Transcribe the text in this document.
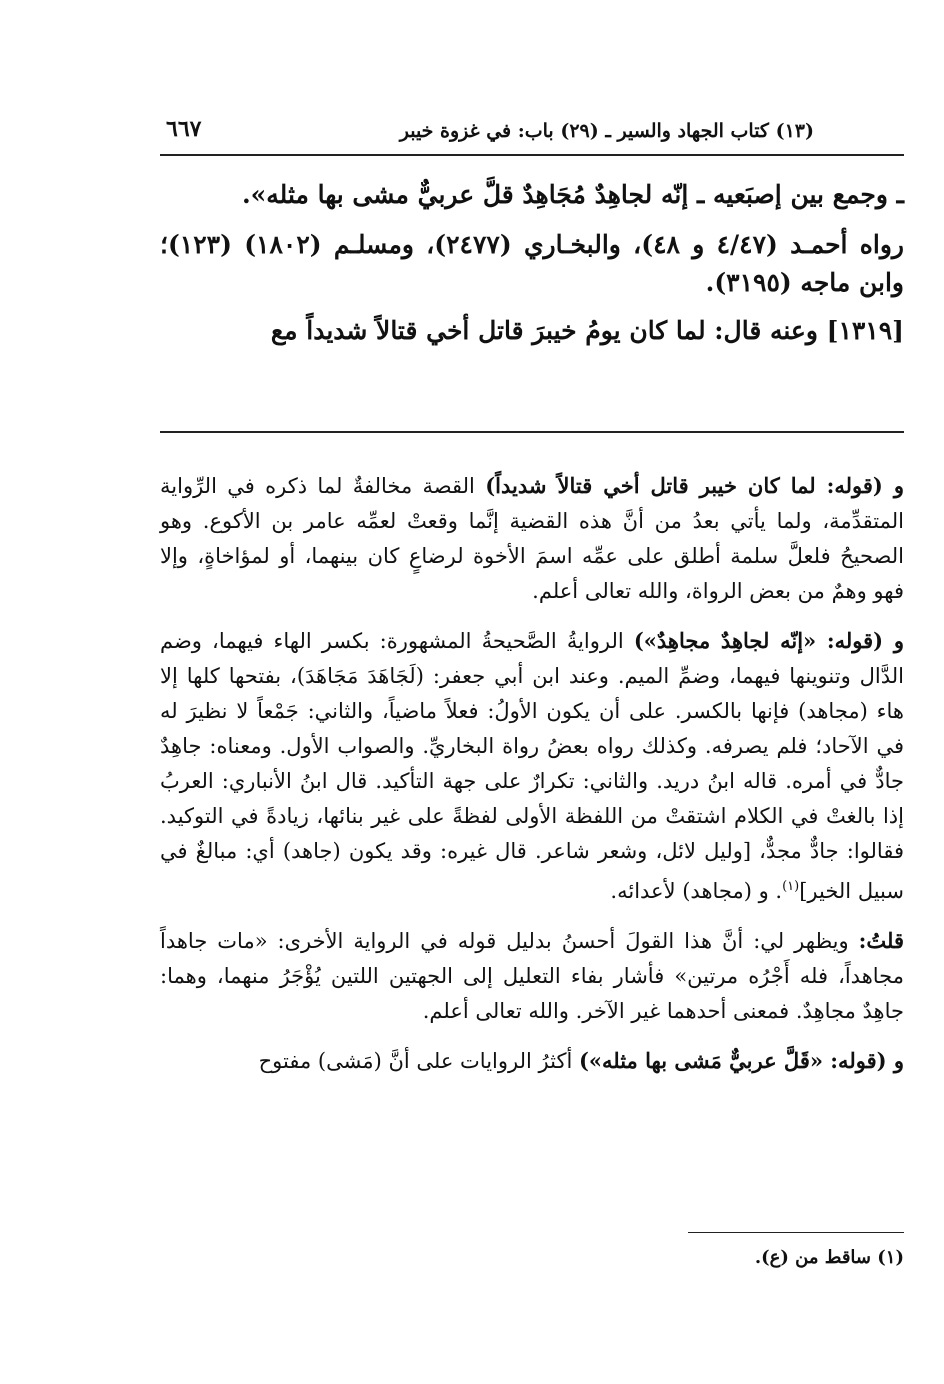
٦٦٧	(١٣) كتاب الجهاد والسير ـ (٢٩) باب: في غزوة خيبر

ـ وجمع بين إصبَعيه ـ إنّه لجاهِدٌ مُجَاهِدٌ قلَّ عربيٌّ مشى بها مثله».

رواه أحمـد (٤/٤٧ و ٤٨)، والبخـاري (٢٤٧٧)، ومسلـم (١٨٠٢) (١٢٣)؛ وابن ماجه (٣١٩٥).

[١٣١٩] وعنه قال: لما كان يومُ خيبرَ قاتل أخي قتالاً شديداً مع

و (قوله: لما كان خيبر قاتل أخي قتالاً شديداً) القصة مخالفةٌ لما ذكره في الرِّواية المتقدِّمة، ولما يأتي بعدُ من أنَّ هذه القضية إنَّما وقعتْ لعمِّه عامر بن الأكوع. وهو الصحيحُ فلعلَّ سلمة أطلق على عمِّه اسمَ الأخوة لرضاعٍ كان بينهما، أو لمؤاخاةٍ، وإلا فهو وهمٌ من بعض الرواة، والله تعالى أعلم.

و (قوله: «إنّه لجاهِدٌ مجاهِدٌ») الروايةُ الصَّحيحةُ المشهورة: بكسر الهاء فيهما، وضم الدَّال وتنوينها فيهما، وضمِّ الميم. وعند ابن أبي جعفر: (لَجَاهَدَ مَجَاهَدَ)، بفتحها كلها إلا هاء (مجاهد) فإنها بالكسر. على أن يكون الأولُ: فعلاً ماضياً، والثاني: جَمْعاً لا نظيرَ له في الآحاد؛ فلم يصرفه. وكذلك رواه بعضُ رواة البخاريِّ. والصواب الأول. ومعناه: جاهِدٌ جادٌّ في أمره. قاله ابنُ دريد. والثاني: تكرارٌ على جهة التأكيد. قال ابنُ الأنباري: العربُ إذا بالغتْ في الكلام اشتقتْ من اللفظة الأولى لفظةً على غير بنائها، زيادةً في التوكيد. فقالوا: جادٌّ مجدٌّ، [وليل لائل، وشعر شاعر. قال غيره: وقد يكون (جاهد) أي: مبالغٌ في سبيل الخير]$^{(١)}$. و (مجاهد) لأعدائه.

قلتُ: ويظهر لي: أنَّ هذا القولَ أحسنُ بدليل قوله في الرواية الأخرى: «مات جاهداً مجاهداً، فله أَجْرُه مرتين» فأشار بفاء التعليل إلى الجهتين اللتين يُؤْجَرُ منهما، وهما: جاهِدٌ مجاهِدٌ. فمعنى أحدهما غير الآخر. والله تعالى أعلم.

و (قوله: «قَلَّ عربيٌّ مَشى بها مثله») أكثرُ الروايات على أنَّ (مَشى) مفتوح

(١) ساقط من (ع).
